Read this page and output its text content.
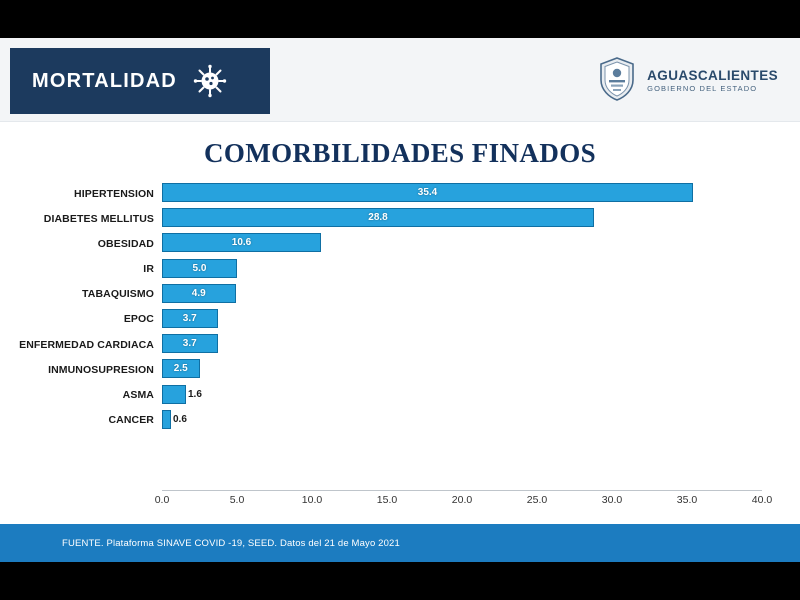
MORTALIDAD	AGUASCALIENTES
GOBIERNO DEL ESTADO
COMORBILIDADES FINADOS
HIPERTENSION	35.4
DIABETES MELLITUS	28.8
OBESIDAD	10.6
IR	5.0
TABAQUISMO	4.9
EPOC	3.7
ENFERMEDAD CARDIACA	3.7
INMUNOSUPRESION	2.5
ASMA	1.6
CANCER	0.6
0.0	5.0	10.0	15.0	20.0	25.0	30.0	35.0	40.0
FUENTE. Plataforma SINAVE COVID -19, SEED. Datos del 21 de Mayo 2021
